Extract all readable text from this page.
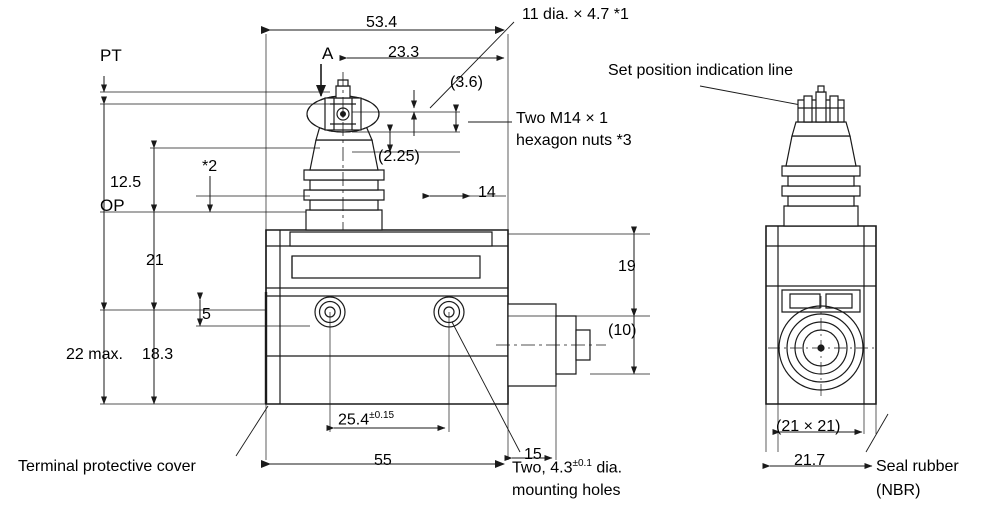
PT
OP
53.4
23.3
A
(3.6)
(2.25)
11 dia. × 4.7 *1
Two M14 × 1
hexagon nuts *3
14
12.5
*2
21
5
18.3
22 max.
19
(10)
$25.4^{\pm 0.15}$
15
55
Terminal protective cover	Two, $4.3^{\pm 0.1}$ dia.
mounting holes
Set position indication line
(21 × 21)
21.7	Seal rubber
(NBR)
